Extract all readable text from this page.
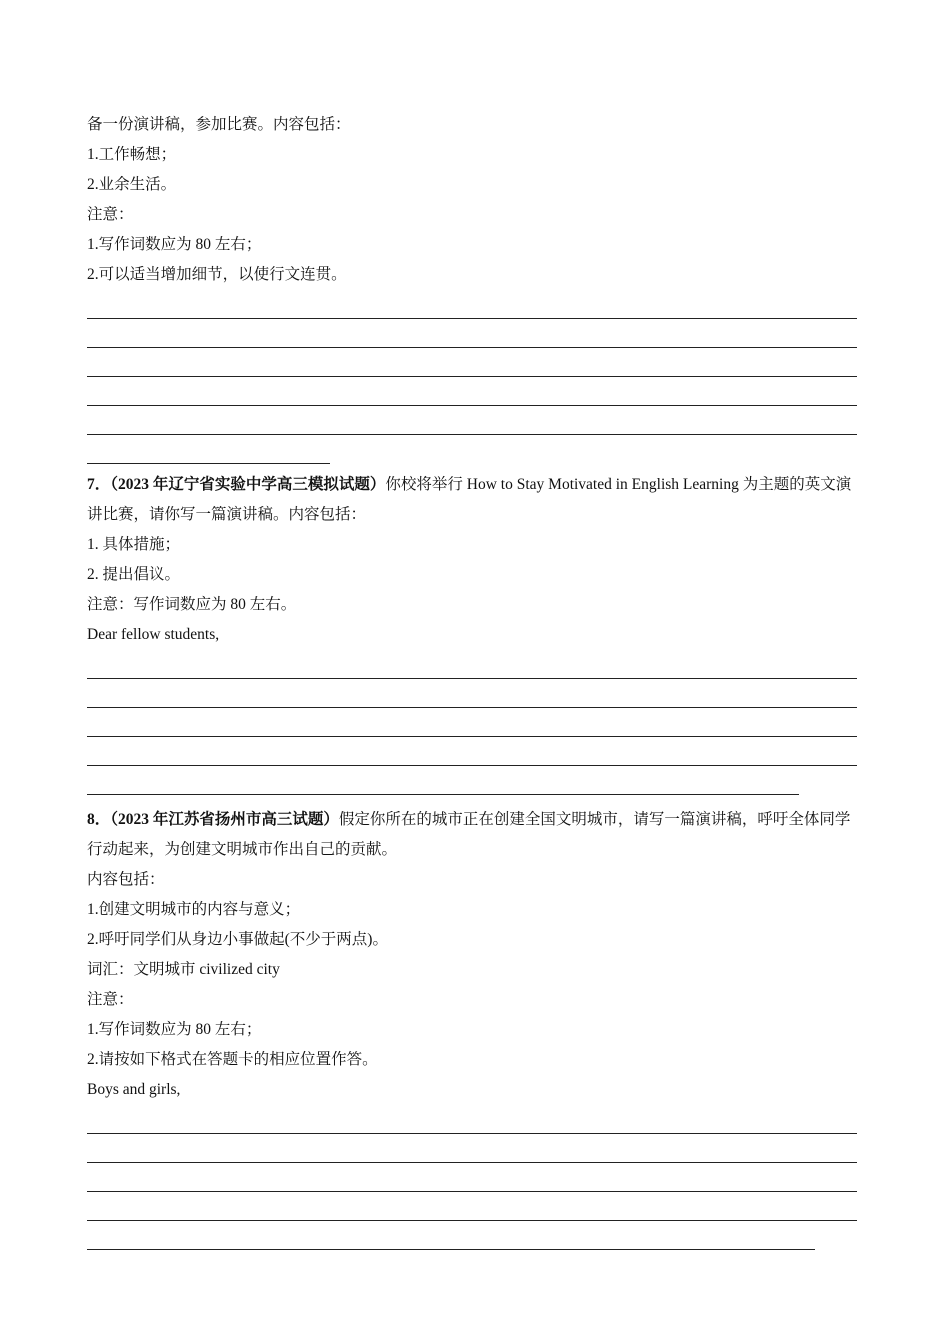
备一份演讲稿，参加比赛。内容包括：
1.工作畅想；
2.业余生活。
注意：
1.写作词数应为 80 左右；
2.可以适当增加细节，以使行文连贯。
7．（2023 年辽宁省实验中学高三模拟试题）你校将举行 How to Stay Motivated in English Learning 为主题的英文演讲比赛，请你写一篇演讲稿。内容包括：
1. 具体措施；
2. 提出倡议。
注意：写作词数应为 80 左右。
Dear fellow students,
8．（2023 年江苏省扬州市高三试题）假定你所在的城市正在创建全国文明城市，请写一篇演讲稿，呼吁全体同学行动起来，为创建文明城市作出自己的贡献。
内容包括：
1.创建文明城市的内容与意义；
2.呼吁同学们从身边小事做起(不少于两点)。
词汇：文明城市 civilized city
注意：
1.写作词数应为 80 左右；
2.请按如下格式在答题卡的相应位置作答。
Boys and girls,
